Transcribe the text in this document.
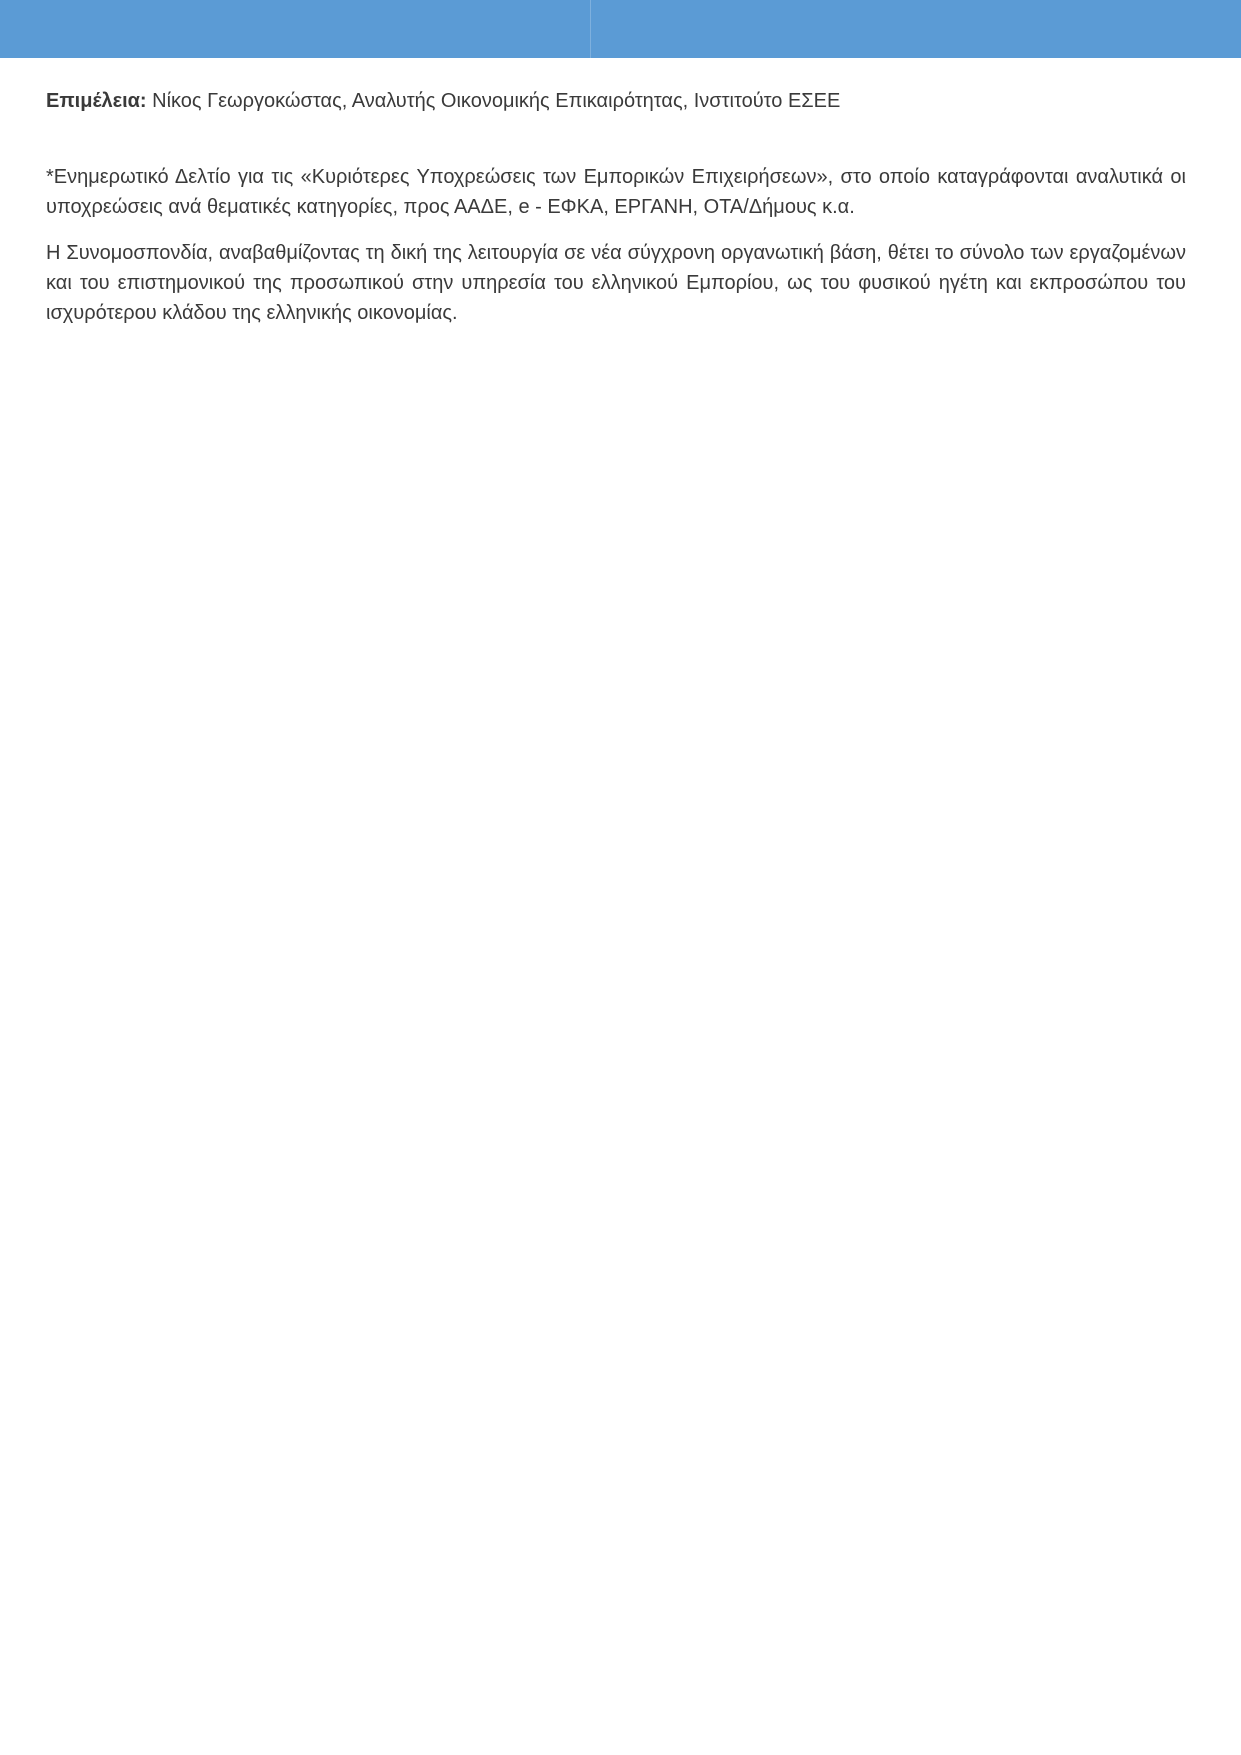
Επιμέλεια: Νίκος Γεωργοκώστας, Αναλυτής Οικονομικής Επικαιρότητας, Ινστιτούτο ΕΣΕΕ

*Ενημερωτικό Δελτίο για τις «Κυριότερες Υποχρεώσεις των Εμπορικών Επιχειρήσεων», στο οποίο καταγράφονται αναλυτικά οι υποχρεώσεις ανά θεματικές κατηγορίες, προς ΑΑΔΕ, e - ΕΦΚΑ, ΕΡΓΑΝΗ, ΟΤΑ/Δήμους κ.α.

Η Συνομοσπονδία, αναβαθμίζοντας τη δική της λειτουργία σε νέα σύγχρονη οργανωτική βάση, θέτει το σύνολο των εργαζομένων και του επιστημονικού της προσωπικού στην υπηρεσία του ελληνικού Εμπορίου, ως του φυσικού ηγέτη και εκπροσώπου του ισχυρότερου κλάδου της ελληνικής οικονομίας.
